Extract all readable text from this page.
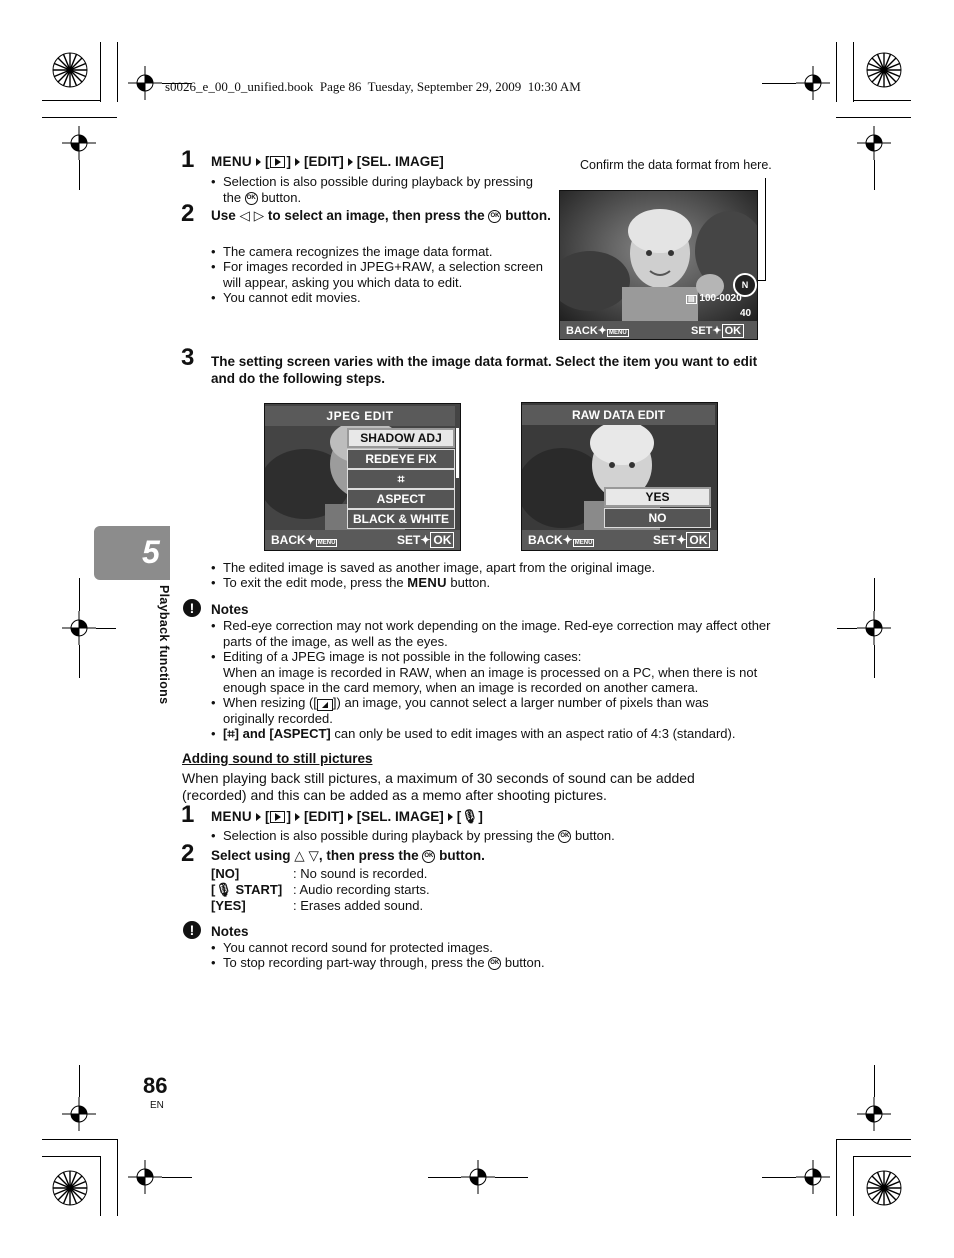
s0026_e_00_0_unified.book  Page 86  Tuesday, September 29, 2009  10:30 AM
1 MENU [ ] [EDIT] [SEL. IMAGE]
• Selection is also possible during playback by pressing the OK button.
2 Use ◁ ▷ to select an image, then press the OK button.
• The camera recognizes the image data format.
• For images recorded in JPEG+RAW, a selection screen will appear, asking you which data to edit.
• You cannot edit movies.
Confirm the data format from here.
N
▤ 100-0020
40
BACK✦ MENU	SET✦ OK
3 The setting screen varies with the image data format. Select the item you want to edit and do the following steps.
JPEG EDIT
SHADOW ADJ
REDEYE FIX
⌗
ASPECT
BLACK & WHITE
BACK✦ MENU	SET✦ OK
RAW DATA EDIT
YES
NO
BACK✦ MENU	SET✦ OK
• The edited image is saved as another image, apart from the original image.
• To exit the edit mode, press the MENU button.
!	Notes
• Red-eye correction may not work depending on the image. Red-eye correction may affect other parts of the image, as well as the eyes.
• Editing of a JPEG image is not possible in the following cases:
When an image is recorded in RAW, when an image is processed on a PC, when there is not enough space in the card memory, when an image is recorded on another camera.
• When resizing ([ ◢ ]) an image, you cannot select a larger number of pixels than was originally recorded.
• [⌗] and [ASPECT] can only be used to edit images with an aspect ratio of 4:3 (standard).
Adding sound to still pictures
When playing back still pictures, a maximum of 30 seconds of sound can be added (recorded) and this can be added as a memo after shooting pictures.
1 MENU [ ] [EDIT] [SEL. IMAGE] [🎙]
• Selection is also possible during playback by pressing the OK button.
2 Select using △ ▽, then press the OK button.
[NO]	: No sound is recorded.
[🎙 START] : Audio recording starts.
[YES]	: Erases added sound.
!	Notes
• You cannot record sound for protected images.
• To stop recording part-way through, press the OK button.
5
Playback functions
86
EN
